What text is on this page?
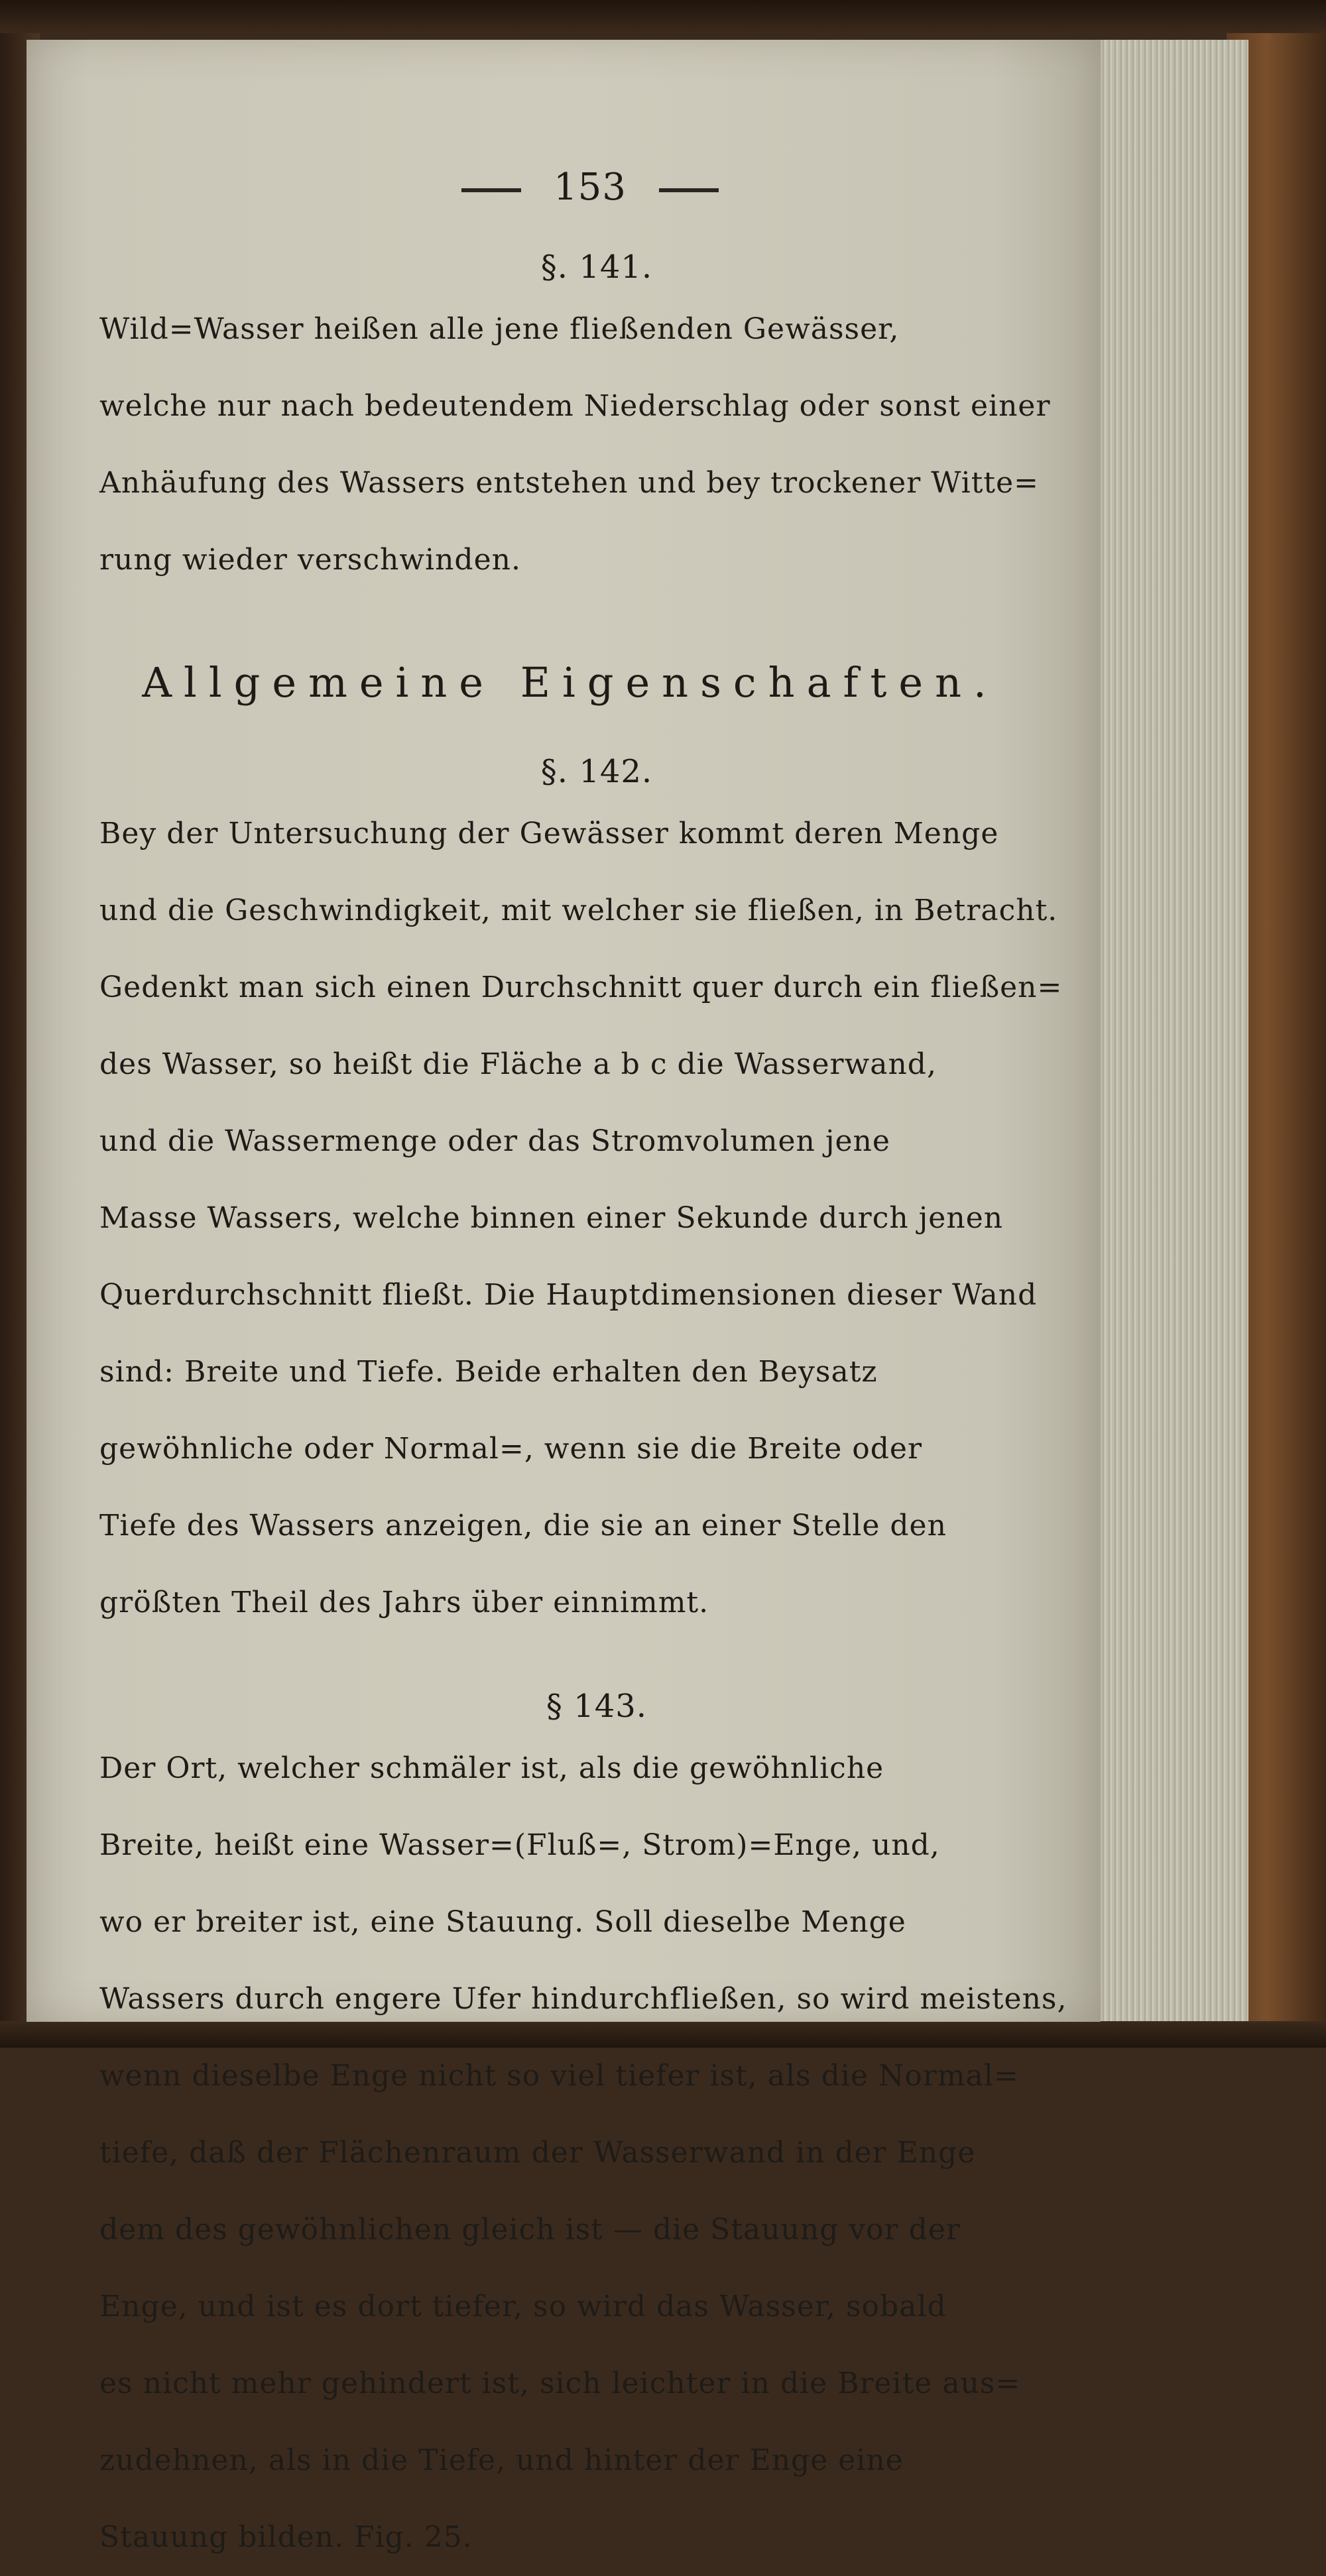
153
§. 141.
Wild=Wasser heißen alle jene fließenden Gewässer,
welche nur nach bedeutendem Niederschlag oder sonst einer
Anhäufung des Wassers entstehen und bey trockener Witte=
rung wieder verschwinden.
Allgemeine Eigenschaften.
§. 142.
Bey der Untersuchung der Gewässer kommt deren Menge
und die Geschwindigkeit, mit welcher sie fließen, in Betracht.
Gedenkt man sich einen Durchschnitt quer durch ein fließen=
des Wasser, so heißt die Fläche a b c die Wasserwand,
und die Wassermenge oder das Stromvolumen jene
Masse Wassers, welche binnen einer Sekunde durch jenen
Querdurchschnitt fließt. Die Hauptdimensionen dieser Wand
sind: Breite und Tiefe. Beide erhalten den Beysatz
gewöhnliche oder Normal=, wenn sie die Breite oder
Tiefe des Wassers anzeigen, die sie an einer Stelle den
größten Theil des Jahrs über einnimmt.
§ 143.
Der Ort, welcher schmäler ist, als die gewöhnliche
Breite, heißt eine Wasser=(Fluß=, Strom)=Enge, und,
wo er breiter ist, eine Stauung. Soll dieselbe Menge
Wassers durch engere Ufer hindurchfließen, so wird meistens,
wenn dieselbe Enge nicht so viel tiefer ist, als die Normal=
tiefe, daß der Flächenraum der Wasserwand in der Enge
dem des gewöhnlichen gleich ist — die Stauung vor der
Enge, und ist es dort tiefer, so wird das Wasser, sobald
es nicht mehr gehindert ist, sich leichter in die Breite aus=
zudehnen, als in die Tiefe, und hinter der Enge eine
Stauung bilden. Fig. 25.
